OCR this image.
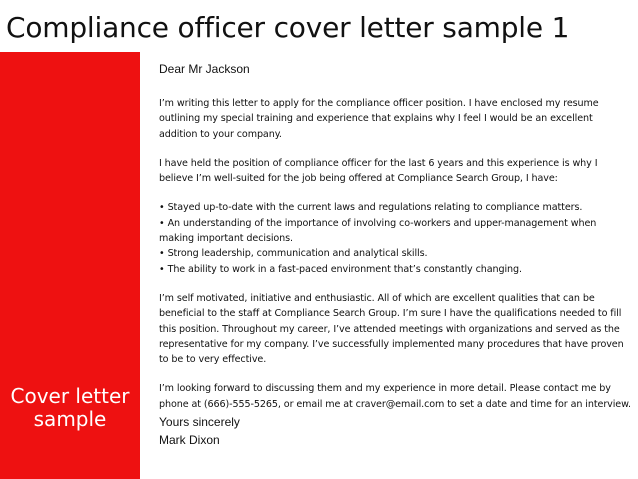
Compliance officer cover letter sample 1
Cover letter
sample

Dear Mr Jackson

I’m writing this letter to apply for the compliance officer position. I have enclosed my resume outlining my special training and experience that explains why I feel I would be an excellent addition to your company.

I have held the position of compliance officer for the last 6 years and this experience is why I believe I’m well-suited for the job being offered at Compliance Search Group, I have:

• Stayed up-to-date with the current laws and regulations relating to compliance matters.
• An understanding of the importance of involving co-workers and upper-management when making important decisions.
• Strong leadership, communication and analytical skills.
• The ability to work in a fast-paced environment that’s constantly changing.

I’m self motivated, initiative and enthusiastic. All of which are excellent qualities that can be beneficial to the staff at Compliance Search Group. I’m sure I have the qualifications needed to fill this position. Throughout my career, I’ve attended meetings with organizations and served as the representative for my company. I’ve successfully implemented many procedures that have proven to be to very effective.

I’m looking forward to discussing them and my experience in more detail. Please contact me by phone at (666)-555-5265, or email me at craver@email.com to set a date and time for an interview.

Yours sincerely

Mark Dixon
